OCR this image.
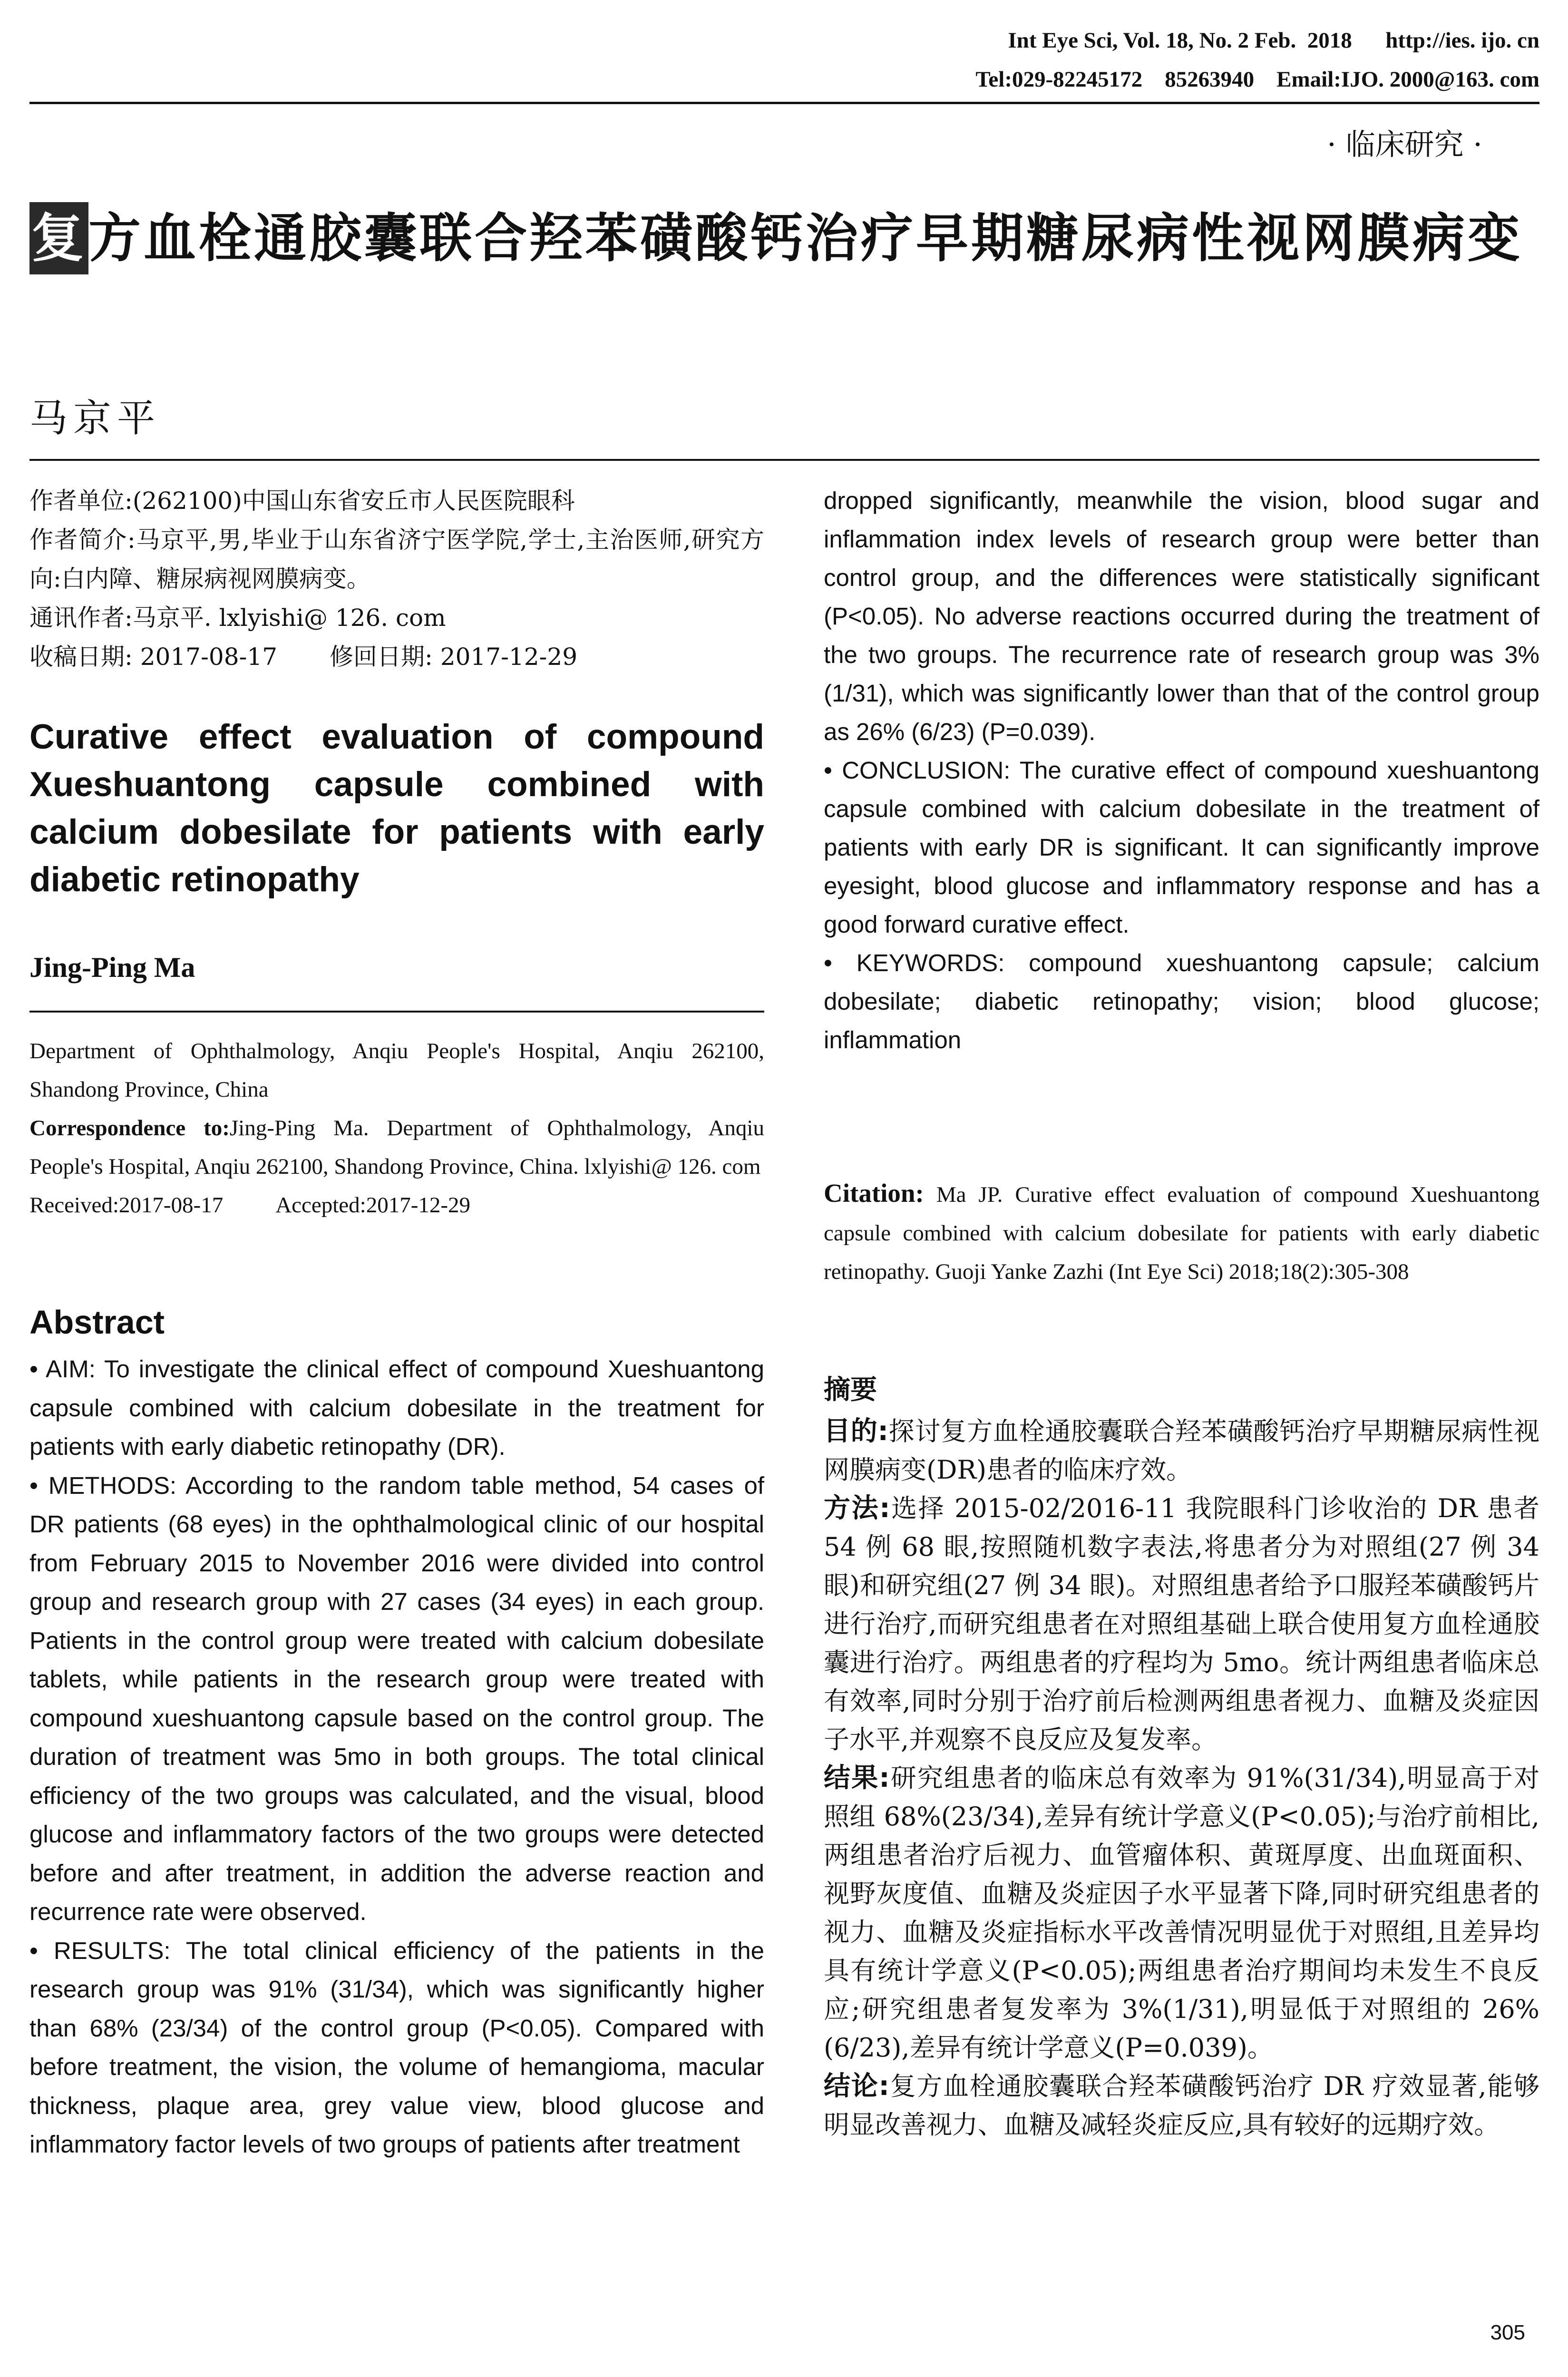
Int Eye Sci, Vol. 18, No. 2 Feb.  2018      http://ies. ijo. cn
Tel:029-82245172    85263940    Email:IJO. 2000@163. com
· 临床研究 ·
复方血栓通胶囊联合羟苯磺酸钙治疗早期糖尿病性视网膜病变
马京平

作者单位:(262100)中国山东省安丘市人民医院眼科

作者简介:马京平,男,毕业于山东省济宁医学院,学士,主治医师,研究方向:白内障、糖尿病视网膜病变。

通讯作者:马京平. lxlyishi@ 126. com

收稿日期: 2017-08-17 修回日期: 2017-12-29

Curative effect evaluation of compound Xueshuantong capsule combined with calcium dobesilate for patients with early diabetic retinopathy
Jing-Ping Ma

Department of Ophthalmology, Anqiu People's Hospital, Anqiu 262100, Shandong Province, China

Correspondence to:Jing-Ping Ma. Department of Ophthalmology, Anqiu People's Hospital, Anqiu 262100, Shandong Province, China. lxlyishi@ 126. com

Received:2017-08-17 Accepted:2017-12-29

Abstract

• AIM: To investigate the clinical effect of compound Xueshuantong capsule combined with calcium dobesilate in the treatment for patients with early diabetic retinopathy (DR).

• METHODS: According to the random table method, 54 cases of DR patients (68 eyes) in the ophthalmological clinic of our hospital from February 2015 to November 2016 were divided into control group and research group with 27 cases (34 eyes) in each group. Patients in the control group were treated with calcium dobesilate tablets, while patients in the research group were treated with compound xueshuantong capsule based on the control group. The duration of treatment was 5mo in both groups. The total clinical efficiency of the two groups was calculated, and the visual, blood glucose and inflammatory factors of the two groups were detected before and after treatment, in addition the adverse reaction and recurrence rate were observed.

• RESULTS: The total clinical efficiency of the patients in the research group was 91% (31/34), which was significantly higher than 68% (23/34) of the control group (P<0.05). Compared with before treatment, the vision, the volume of hemangioma, macular thickness, plaque area, grey value view, blood glucose and inflammatory factor levels of two groups of patients after treatment

dropped significantly, meanwhile the vision, blood sugar and inflammation index levels of research group were better than control group, and the differences were statistically significant (P<0.05). No adverse reactions occurred during the treatment of the two groups. The recurrence rate of research group was 3% (1/31), which was significantly lower than that of the control group as 26% (6/23) (P=0.039).

• CONCLUSION: The curative effect of compound xueshuantong capsule combined with calcium dobesilate in the treatment of patients with early DR is significant. It can significantly improve eyesight, blood glucose and inflammatory response and has a good forward curative effect.

• KEYWORDS: compound xueshuantong capsule; calcium dobesilate; diabetic retinopathy; vision; blood glucose; inflammation

Citation: Ma JP. Curative effect evaluation of compound Xueshuantong capsule combined with calcium dobesilate for patients with early diabetic retinopathy. Guoji Yanke Zazhi (Int Eye Sci) 2018;18(2):305-308

摘要

目的:探讨复方血栓通胶囊联合羟苯磺酸钙治疗早期糖尿病性视网膜病变(DR)患者的临床疗效。

方法:选择 2015-02/2016-11 我院眼科门诊收治的 DR 患者 54 例 68 眼,按照随机数字表法,将患者分为对照组(27 例 34 眼)和研究组(27 例 34 眼)。对照组患者给予口服羟苯磺酸钙片进行治疗,而研究组患者在对照组基础上联合使用复方血栓通胶囊进行治疗。两组患者的疗程均为 5mo。统计两组患者临床总有效率,同时分别于治疗前后检测两组患者视力、血糖及炎症因子水平,并观察不良反应及复发率。

结果:研究组患者的临床总有效率为 91%(31/34),明显高于对照组 68%(23/34),差异有统计学意义(P<0.05);与治疗前相比,两组患者治疗后视力、血管瘤体积、黄斑厚度、出血斑面积、视野灰度值、血糖及炎症因子水平显著下降,同时研究组患者的视力、血糖及炎症指标水平改善情况明显优于对照组,且差异均具有统计学意义(P<0.05);两组患者治疗期间均未发生不良反应;研究组患者复发率为 3%(1/31),明显低于对照组的 26%(6/23),差异有统计学意义(P=0.039)。

结论:复方血栓通胶囊联合羟苯磺酸钙治疗 DR 疗效显著,能够明显改善视力、血糖及减轻炎症反应,具有较好的远期疗效。

305
